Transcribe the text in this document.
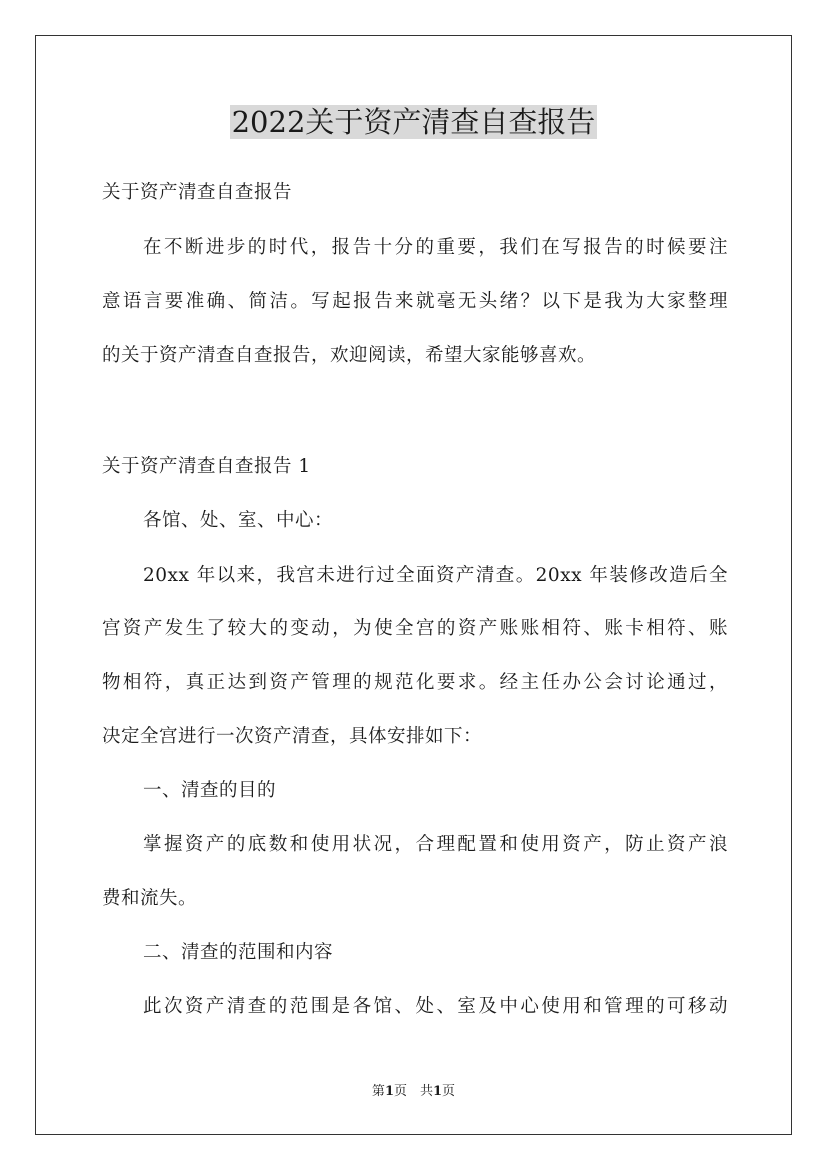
2022关于资产清查自查报告
关于资产清查自查报告
在不断进步的时代，报告十分的重要，我们在写报告的时候要注
意语言要准确、简洁。写起报告来就毫无头绪？以下是我为大家整理
的关于资产清查自查报告，欢迎阅读，希望大家能够喜欢。
关于资产清查自查报告 1
各馆、处、室、中心：
20xx 年以来，我宫未进行过全面资产清查。20xx 年装修改造后全
宫资产发生了较大的变动，为使全宫的资产账账相符、账卡相符、账
物相符，真正达到资产管理的规范化要求。经主任办公会讨论通过，
决定全宫进行一次资产清查，具体安排如下：
一、清查的目的
掌握资产的底数和使用状况，合理配置和使用资产，防止资产浪
费和流失。
二、清查的范围和内容
此次资产清查的范围是各馆、处、室及中心使用和管理的可移动
第1页　共1页
